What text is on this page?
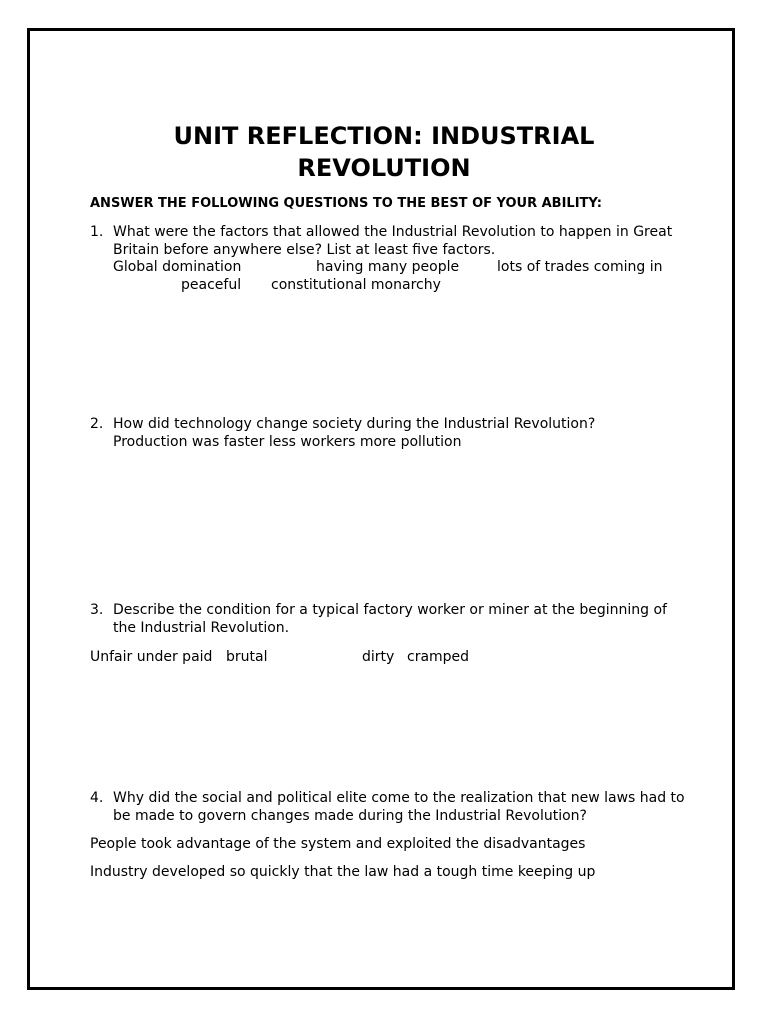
UNIT REFLECTION: INDUSTRIAL
REVOLUTION

ANSWER THE FOLLOWING QUESTIONS TO THE BEST OF YOUR ABILITY:

1. What were the factors that allowed the Industrial Revolution to happen in Great
Britain before anywhere else? List at least five factors.
Global domination	having many people	lots of trades coming in
peaceful constitutional monarchy
2. How did technology change society during the Industrial Revolution?
Production was faster less workers more pollution
3. Describe the condition for a typical factory worker or miner at the beginning of
the Industrial Revolution.
Unfair under paid brutal	dirty cramped
4. Why did the social and political elite come to the realization that new laws had to
be made to govern changes made during the Industrial Revolution?
People took advantage of the system and exploited the disadvantages
Industry developed so quickly that the law had a tough time keeping up
